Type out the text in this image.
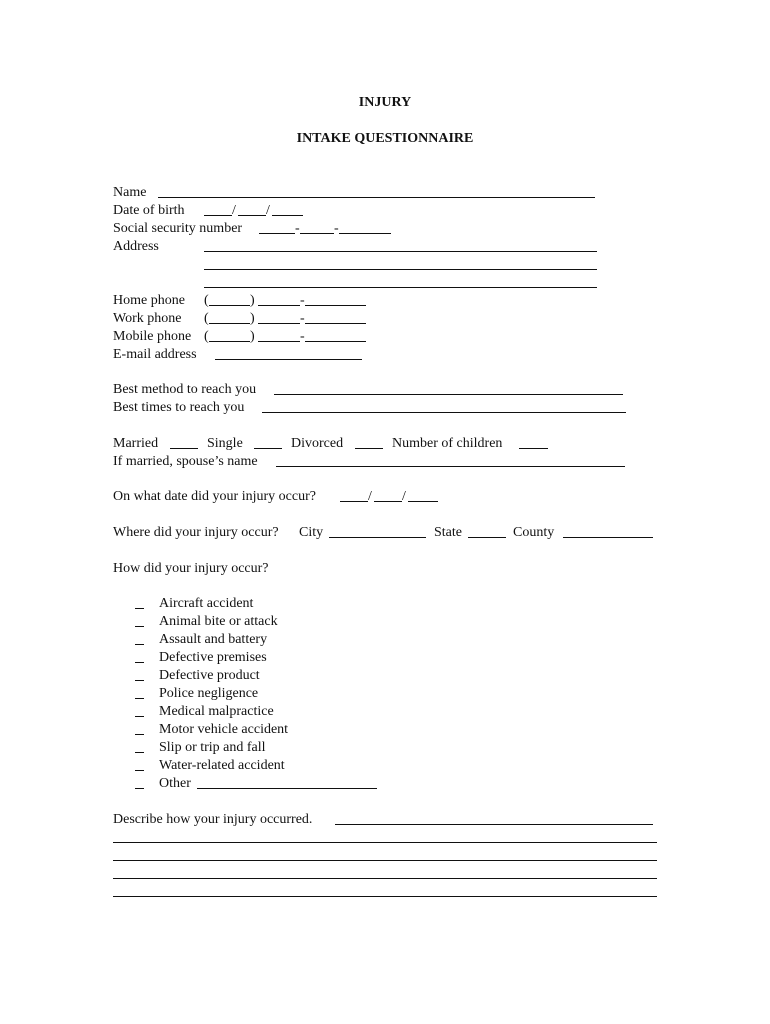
INJURY
INTAKE QUESTIONNAIRE
Name
Date of birth	/ /
Social security number	- -
Address
Home phone (	)	-
Work phone (	)	-
Mobile phone (	)	-
E-mail address
Best method to reach you
Best times to reach you
Married	Single	Divorced	Number of children
If married, spouse’s name
On what date did your injury occur?	/ /
Where did your injury occur? City	State	County
How did your injury occur?
Aircraft accident
Animal bite or attack
Assault and battery
Defective premises
Defective product
Police negligence
Medical malpractice
Motor vehicle accident
Slip or trip and fall
Water-related accident
Other
Describe how your injury occurred.
